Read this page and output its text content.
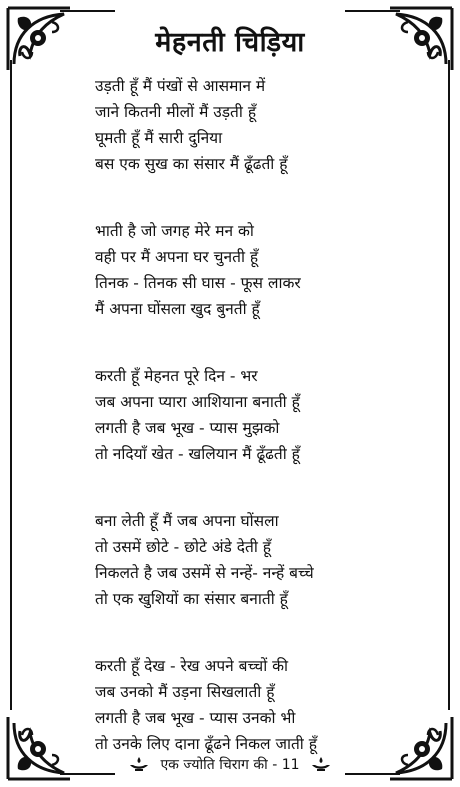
मेहनती चिड़िया
उड़ती हूँ मैं पंखों से आसमान में
जाने कितनी मीलों मैं उड़ती हूँ
घूमती हूँ मैं सारी दुनिया
बस एक सुख का संसार मैं ढूँढती हूँ
भाती है जो जगह मेरे मन को
वही पर मैं अपना घर चुनती हूँ
तिनक - तिनक सी घास - फूस लाकर
मैं अपना घोंसला खुद बुनती हूँ
करती हूँ मेहनत पूरे दिन - भर
जब अपना प्यारा आशियाना बनाती हूँ
लगती है जब भूख - प्यास मुझको
तो नदियाँ खेत - खलियान मैं ढूँढती हूँ
बना लेती हूँ मैं जब अपना घोंसला
तो उसमें छोटे - छोटे अंडे देती हूँ
निकलते है जब उसमें से नन्हें- नन्हें बच्चे
तो एक खुशियों का संसार बनाती हूँ
करती हूँ देख - रेख अपने बच्चों की
जब उनको मैं उड़ना सिखलाती हूँ
लगती है जब भूख - प्यास उनको भी
तो उनके लिए दाना ढूँढने निकल जाती हूँ
एक ज्योति चिराग की - 11
